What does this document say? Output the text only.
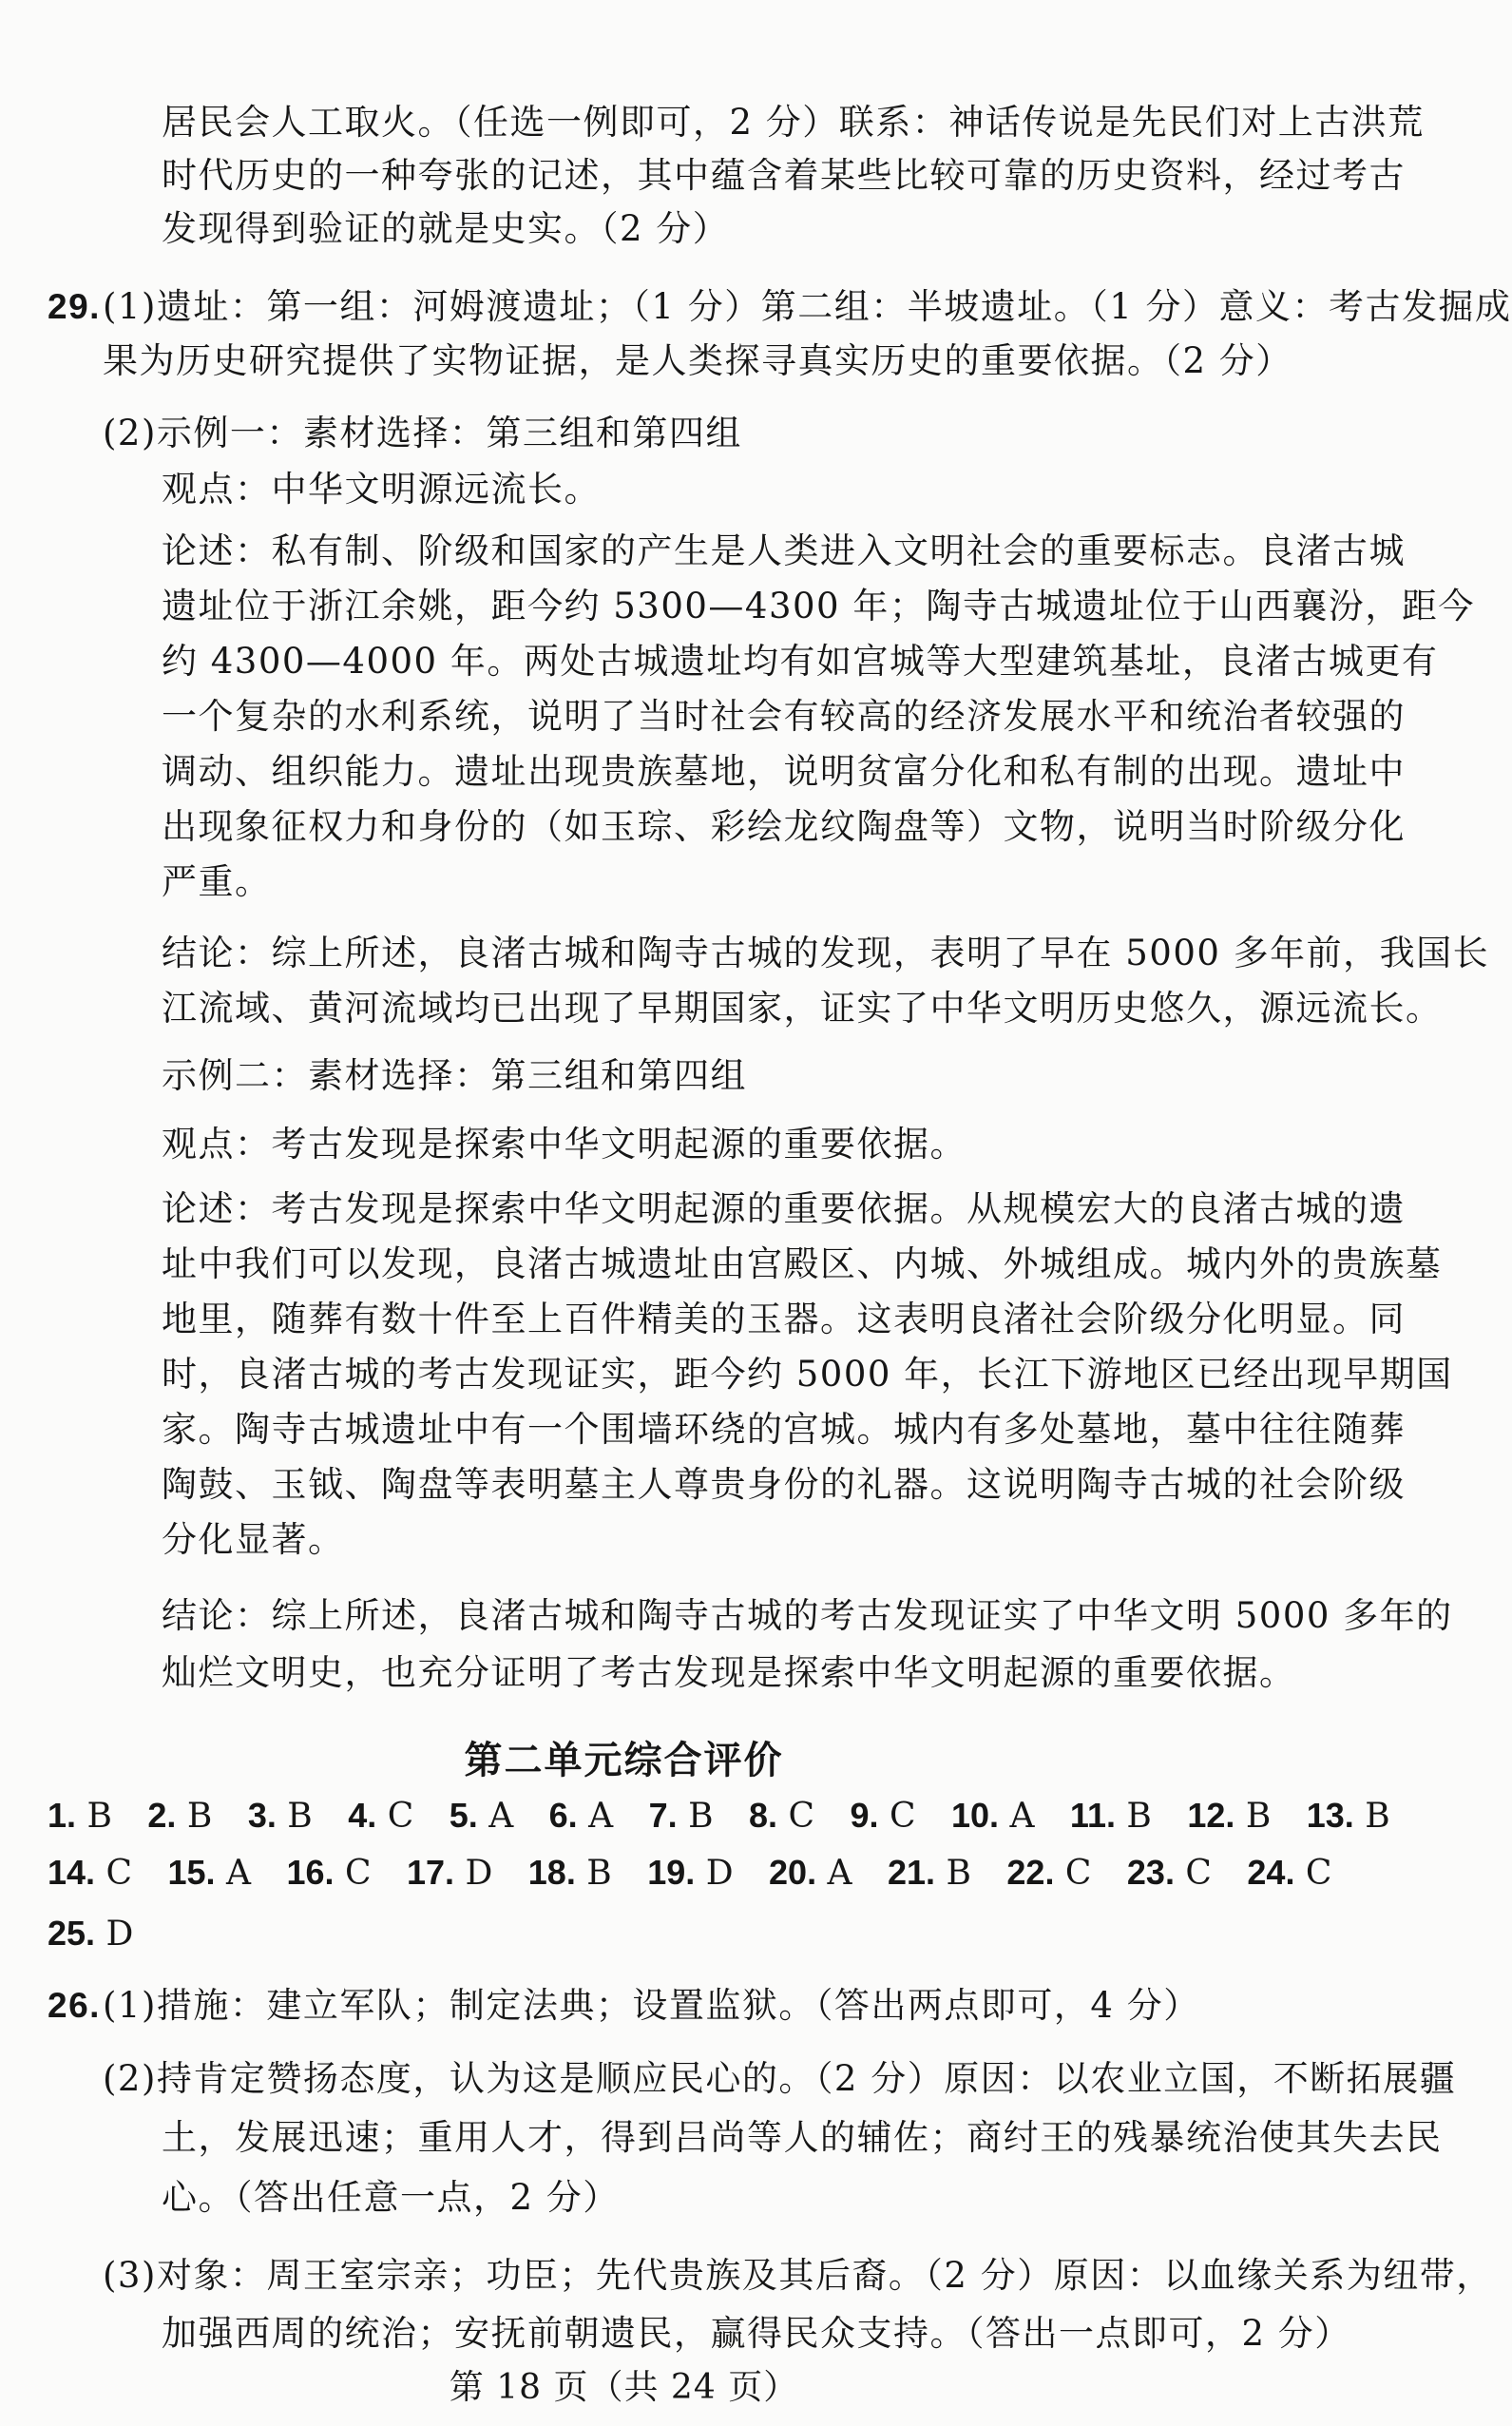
居民会人工取火。（任选一例即可，2 分）联系：神话传说是先民们对上古洪荒
时代历史的一种夸张的记述，其中蕴含着某些比较可靠的历史资料，经过考古
发现得到验证的就是史实。（2 分）
29. (1)遗址：第一组：河姆渡遗址；（1 分）第二组：半坡遗址。（1 分）意义：考古发掘成
果为历史研究提供了实物证据，是人类探寻真实历史的重要依据。（2 分）
(2)示例一：素材选择：第三组和第四组
观点：中华文明源远流长。
论述：私有制、阶级和国家的产生是人类进入文明社会的重要标志。良渚古城
遗址位于浙江余姚，距今约 5300—4300 年；陶寺古城遗址位于山西襄汾，距今
约 4300—4000 年。两处古城遗址均有如宫城等大型建筑基址，良渚古城更有
一个复杂的水利系统，说明了当时社会有较高的经济发展水平和统治者较强的
调动、组织能力。遗址出现贵族墓地，说明贫富分化和私有制的出现。遗址中
出现象征权力和身份的（如玉琮、彩绘龙纹陶盘等）文物，说明当时阶级分化
严重。
结论：综上所述，良渚古城和陶寺古城的发现，表明了早在 5000 多年前，我国长
江流域、黄河流域均已出现了早期国家，证实了中华文明历史悠久，源远流长。
示例二：素材选择：第三组和第四组
观点：考古发现是探索中华文明起源的重要依据。
论述：考古发现是探索中华文明起源的重要依据。从规模宏大的良渚古城的遗
址中我们可以发现，良渚古城遗址由宫殿区、内城、外城组成。城内外的贵族墓
地里，随葬有数十件至上百件精美的玉器。这表明良渚社会阶级分化明显。同
时，良渚古城的考古发现证实，距今约 5000 年，长江下游地区已经出现早期国
家。陶寺古城遗址中有一个围墙环绕的宫城。城内有多处墓地，墓中往往随葬
陶鼓、玉钺、陶盘等表明墓主人尊贵身份的礼器。这说明陶寺古城的社会阶级
分化显著。
结论：综上所述，良渚古城和陶寺古城的考古发现证实了中华文明 5000 多年的
灿烂文明史，也充分证明了考古发现是探索中华文明起源的重要依据。
第二单元综合评价
1. B 2. B 3. B 4. C 5. A 6. A 7. B 8. C 9. C 10. A 11. B 12. B 13. B
14. C 15. A 16. C 17. D 18. B 19. D 20. A 21. B 22. C 23. C 24. C
25. D
26. (1)措施：建立军队；制定法典；设置监狱。（答出两点即可，4 分）
(2)持肯定赞扬态度，认为这是顺应民心的。（2 分）原因：以农业立国，不断拓展疆
土，发展迅速；重用人才，得到吕尚等人的辅佐；商纣王的残暴统治使其失去民
心。（答出任意一点，2 分）
(3)对象：周王室宗亲；功臣；先代贵族及其后裔。（2 分）原因：以血缘关系为纽带，
加强西周的统治；安抚前朝遗民，赢得民众支持。（答出一点即可，2 分）
第 18 页（共 24 页）
